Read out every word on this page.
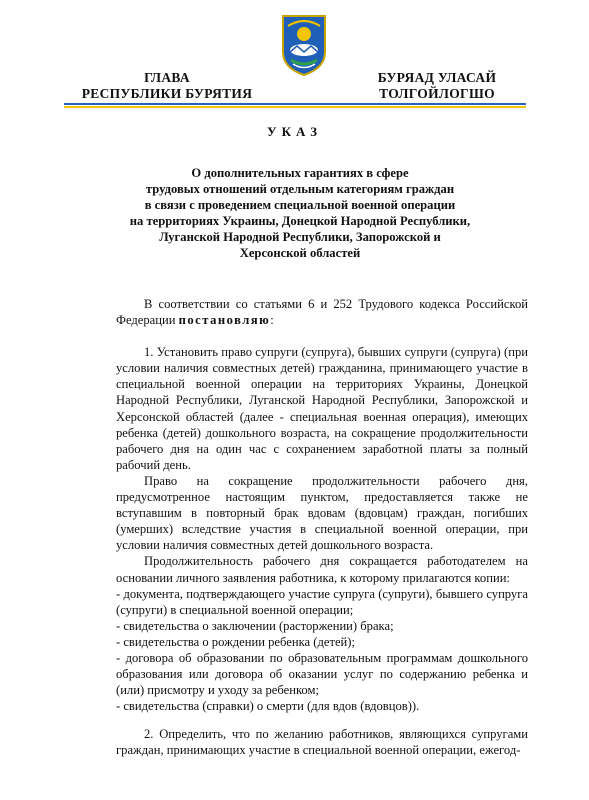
ГЛАВА
РЕСПУБЛИКИ БУРЯТИЯ
БУРЯАД УЛАСАЙ
ТОЛГОЙЛОГШО
УКАЗ
О дополнительных гарантиях в сфере
трудовых отношений отдельным категориям граждан
в связи с проведением специальной военной операции
на территориях Украины, Донецкой Народной Республики,
Луганской Народной Республики, Запорожской и
Херсонской областей

В соответствии со статьями 6 и 252 Трудового кодекса Российской Федерации постановляю:

1. Установить право супруги (супруга), бывших супруги (супруга) (при условии наличия совместных детей) гражданина, принимающего участие в специальной военной операции на территориях Украины, Донецкой Народной Республики, Луганской Народной Республики, Запорожской и Херсонской областей (далее - специальная военная операция), имеющих ребенка (детей) дошкольного возраста, на сокращение продолжительности рабочего дня на один час с сохранением заработной платы за полный рабочий день.

Право на сокращение продолжительности рабочего дня, предусмотренное настоящим пунктом, предоставляется также не вступавшим в повторный брак вдовам (вдовцам) граждан, погибших (умерших) вследствие участия в специальной военной операции, при условии наличия совместных детей дошкольного возраста.

Продолжительность рабочего дня сокращается работодателем на основании личного заявления работника, к которому прилагаются копии:

- документа, подтверждающего участие супруга (супруги), бывшего супруга (супруги) в специальной военной операции;

- свидетельства о заключении (расторжении) брака;

- свидетельства о рождении ребенка (детей);

- договора об образовании по образовательным программам дошкольного образования или договора об оказании услуг по содержанию ребенка и (или) присмотру и уходу за ребенком;

- свидетельства (справки) о смерти (для вдов (вдовцов)).

2. Определить, что по желанию работников, являющихся супругами граждан, принимающих участие в специальной военной операции, ежегод-
